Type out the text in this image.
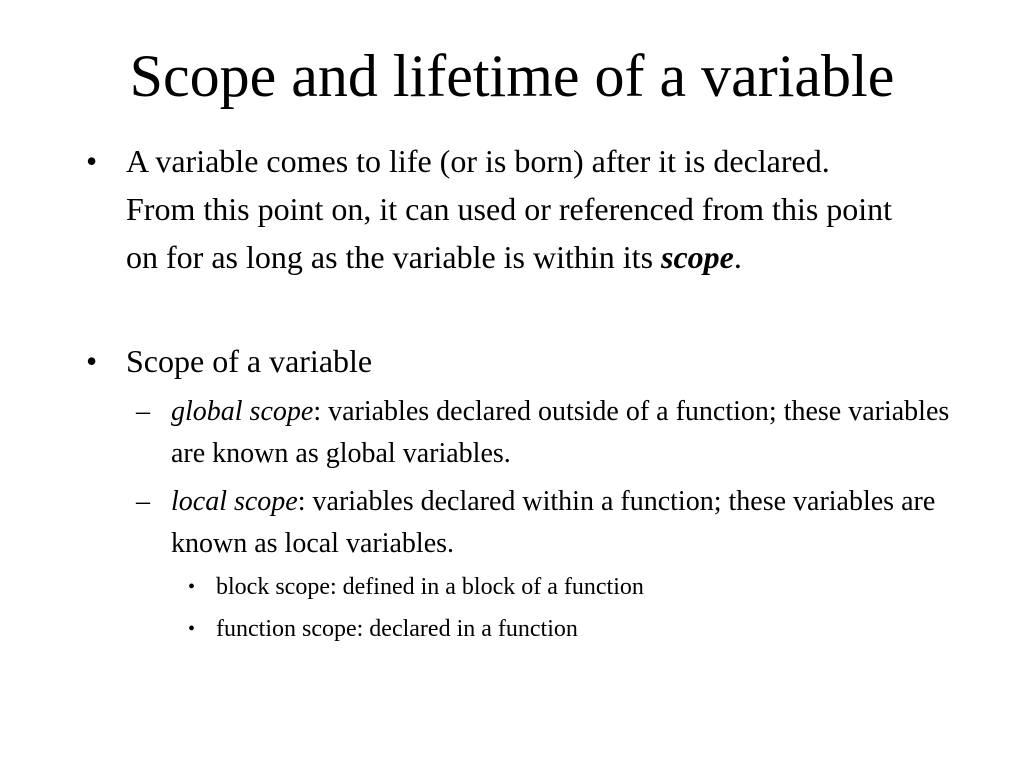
Scope and lifetime of a variable
• A variable comes to life (or is born) after it is declared. From this point on, it can used or referenced from this point on for as long as the variable is within its scope.
• Scope of a variable
– global scope: variables declared outside of a function; these variables are known as global variables.
– local scope: variables declared within a function; these variables are known as local variables.
• block scope: defined in a block of a function
• function scope: declared in a function
